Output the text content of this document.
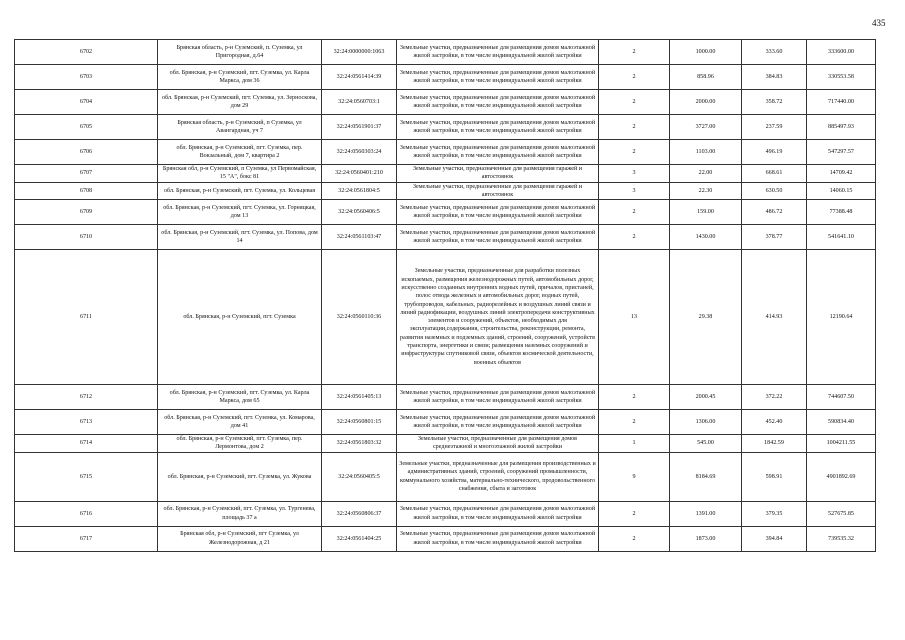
435
6702	Брянская область, р-н Суземский, п. Суземка, ул Пригородная, д.64	32:24:0000000:1063	Земельные участки, предназначенные для размещения домов малоэтажной жилой застройки, в том числе индивидуальной жилой застройки	2	1000.00	333.60	333600.00
6703	обл. Брянская, р-н Суземский, пгт. Суземка, ул. Карла Маркса, дом 36	32:24:0561414:39	Земельные участки, предназначенные для размещения домов малоэтажной жилой застройки, в том числе индивидуальной жилой застройки	2	858.96	384.83	330553.58
6704	обл. Брянская, р-н Суземский, пгт. Суземка, ул. Зерноскова, дом 29	32:24:0560703:1	Земельные участки, предназначенные для размещения домов малоэтажной жилой застройки, в том числе индивидуальной жилой застройки	2	2000.00	358.72	717440.00
6705	Брянская область, р-н Суземский, п Суземка, ул Авангардная, уч 7	32:24:0561901:37	Земельные участки, предназначенные для размещения домов малоэтажной жилой застройки, в том числе индивидуальной жилой застройки	2	3727.00	237.59	885497.93
6706	обл. Брянская, р-н Суземский, пгт. Суземка, пер. Вокзальный, дом 7, квартира 2	32:24:0560303:24	Земельные участки, предназначенные для размещения домов малоэтажной жилой застройки, в том числе индивидуальной жилой застройки	2	1103.00	496.19	547297.57
6707	Брянская обл, р-н Суземский, п Суземка, ул Первомайская, 15 "А", бокс 81	32:24:0560401:210	Земельные участки, предназначенные для размещения гаражей и автостоянок	3	22.00	668.61	14709.42
6708	обл. Брянская, р-н Суземский, пгт. Суземка, ул. Кольцевая	32:24:0561804:5	Земельные участки, предназначенные для размещения гаражей и автостоянок	3	22.30	630.50	14060.15
6709	обл. Брянская, р-н Суземский, пгт. Суземка, ул. Горняцкая, дом 13	32:24:0560406:5	Земельные участки, предназначенные для размещения домов малоэтажной жилой застройки, в том числе индивидуальной жилой застройки	2	159.00	486.72	77388.48
6710	обл. Брянская, р-н Суземский, пгт. Суземка, ул. Попова, дом 14	32:24:0561103:47	Земельные участки, предназначенные для размещения домов малоэтажной жилой застройки, в том числе индивидуальной жилой застройки	2	1430.00	378.77	541641.10
6711	обл. Брянская, р-н Суземский, пгт. Суземка	32:24:0560110:36	Земельные участки, предназначенные для разработки полезных ископаемых, размещения железнодорожных путей, автомобильных дорог, искусственно созданных внутренних водных путей, причалов, пристаней, полос отвода железных и автомобильных дорог, водных путей, трубопроводов, кабельных, радиорелейных и воздушных линий связи и линий радиофикации, воздушных линий электропередачи конструктивных элементов и сооружений, объектов, необходимых для эксплуатации,содержания, строительства, реконструкции, ремонта, развития наземных и подземных зданий, строений, сооружений, устройств транспорта, энергетики и связи; размещения наземных сооружений и инфраструктуры спутниковой связи, объектов космической деятельности, военных объектов	13	29.38	414.93	12190.64
6712	обл. Брянская, р-н Суземский, пгт. Суземка, ул. Карла Маркса, дом 65	32:24:0561405:13	Земельные участки, предназначенные для размещения домов малоэтажной жилой застройки, в том числе индивидуальной жилой застройки	2	2000.45	372.22	744607.50
6713	обл. Брянская, р-н Суземский, пгт. Суземка, ул. Комарова, дом 41	32:24:0560801:15	Земельные участки, предназначенные для размещения домов малоэтажной жилой застройки, в том числе индивидуальной жилой застройки	2	1306.00	452.40	590834.40
6714	обл. Брянская, р-н Суземский, пгт. Суземка, пер. Лермонтова, дом 2	32:24:0561803:32	Земельные участки, предназначенные для размещения домов среднеэтажной и многоэтажной жилой застройки	1	545.00	1842.59	1004211.55
6715	обл. Брянская, р-н Суземский, пгт. Суземка, ул. Жукова	32:24:0560405:5	Земельные участки, предназначенные для размещения производственных и административных зданий, строений, сооружений промышленности, коммунального хозяйства, материально-технического, продовольственного снабжения, сбыта и заготовок	9	8184.69	598.91	4901892.69
6716	обл. Брянская, р-н Суземский, пгт. Суземка, ул. Тургенева, площадь 37 а	32:24:0560806:37	Земельные участки, предназначенные для размещения домов малоэтажной жилой застройки, в том числе индивидуальной жилой застройки	2	1391.00	379.35	527675.85
6717	Брянская обл, р-н Суземский, пгт Суземка, ул Железнодорожная, д 21	32:24:0561404:25	Земельные участки, предназначенные для размещения домов малоэтажной жилой застройки, в том числе индивидуальной жилой застройки	2	1873.00	394.84	739535.32
